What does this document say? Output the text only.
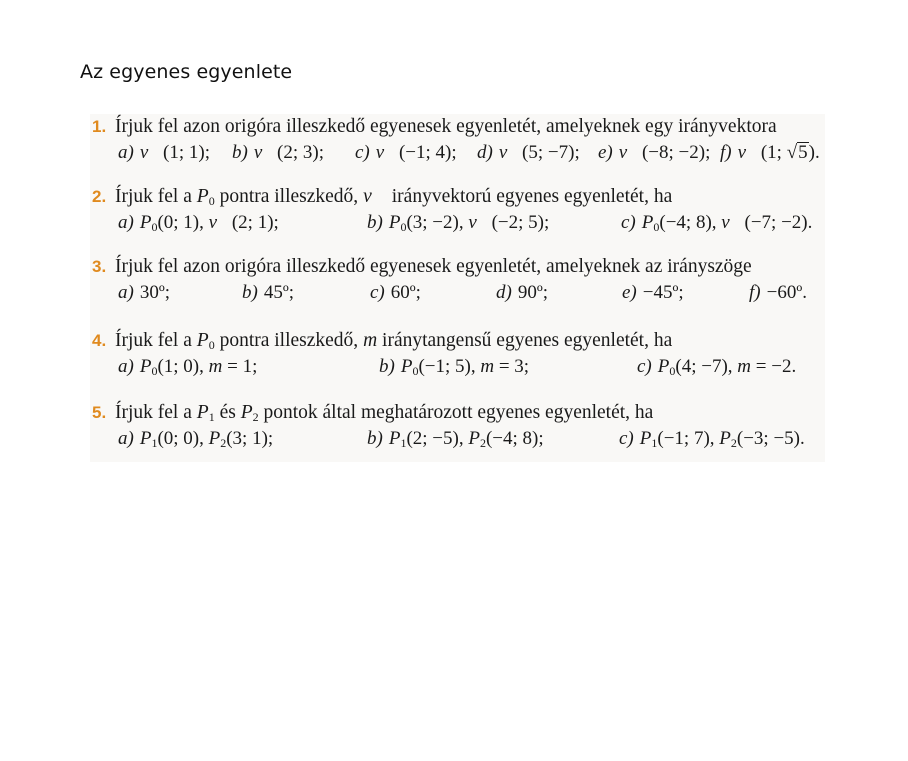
Az egyenes egyenlete
1. Írjuk fel azon origóra illeszkedő egyenesek egyenletét, amelyeknek egy irányvektora
a) v⃗(1; 1); b) v⃗(2; 3); c) v⃗(−1; 4); d) v⃗(5; −7); e) v⃗(−8; −2); f) v⃗(1; √5).
2. Írjuk fel a $P_0$ pontra illeszkedő, v⃗ irányvektorú egyenes egyenletét, ha
a) $P_0(0$; 1), v⃗(2; 1);	b) $P_0(3$; −2), v⃗(−2; 5);	c) $P_0(-4$; 8), v⃗(−7; −2).
3. Írjuk fel azon origóra illeszkedő egyenesek egyenletét, amelyeknek az irányszöge
a) 30º;	b) 45º;	c) 60º;	d) 90º;	e) −45º;	f) −60º.
4. Írjuk fel a $P_0$ pontra illeszkedő, m iránytangensű egyenes egyenletét, ha
a) $P_0(1$; 0), m = 1;	b) $P_0(-1$; 5), m = 3;	c) $P_0(4$; −7), m = −2.
5. Írjuk fel a $P_1$ és $P_2$ pontok által meghatározott egyenes egyenletét, ha
a) $P_1(0$; 0), $P_2(3$; 1);	b) $P_1(2$; −5), $P_2(-4$; 8);	c) $P_1(-1$; 7), $P_2(-3$; −5).
